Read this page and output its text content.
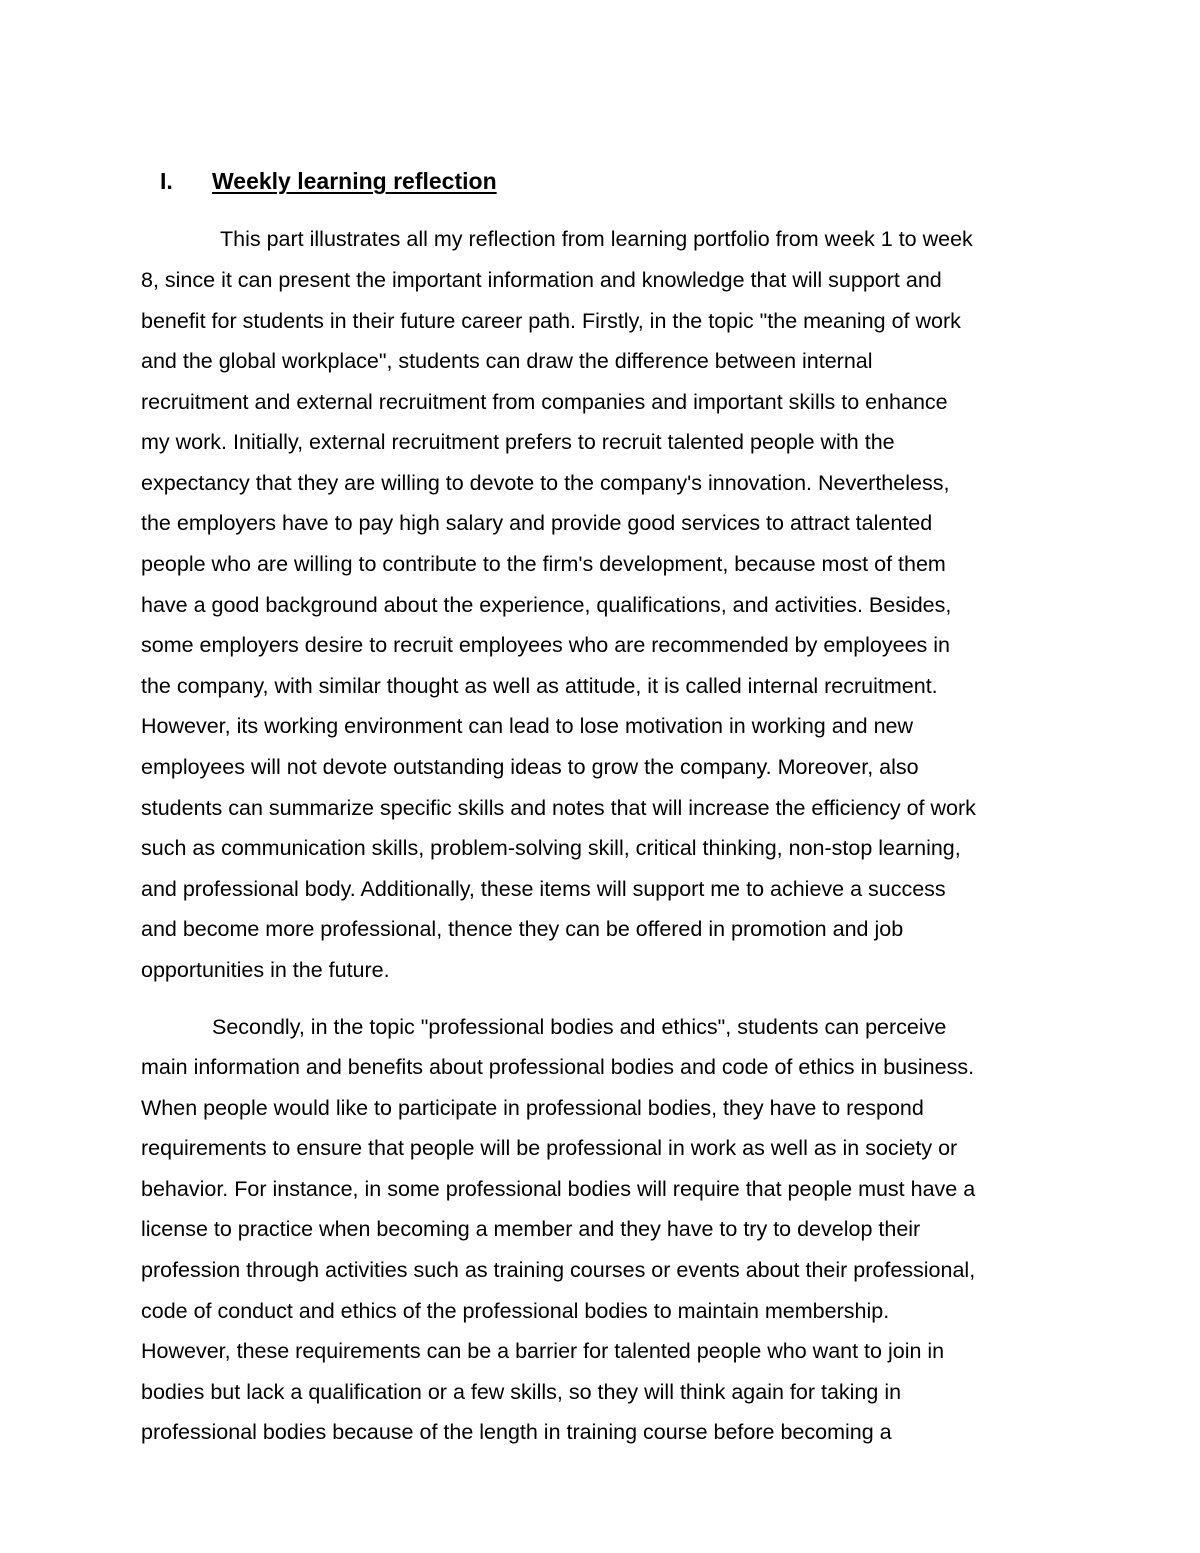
I. Weekly learning reflection
This part illustrates all my reflection from learning portfolio from week 1 to week
8, since it can present the important information and knowledge that will support and
benefit for students in their future career path. Firstly, in the topic "the meaning of work
and the global workplace", students can draw the difference between internal
recruitment and external recruitment from companies and important skills to enhance
my work. Initially, external recruitment prefers to recruit talented people with the
expectancy that they are willing to devote to the company's innovation. Nevertheless,
the employers have to pay high salary and provide good services to attract talented
people who are willing to contribute to the firm's development, because most of them
have a good background about the experience, qualifications, and activities. Besides,
some employers desire to recruit employees who are recommended by employees in
the company, with similar thought as well as attitude, it is called internal recruitment.
However, its working environment can lead to lose motivation in working and new
employees will not devote outstanding ideas to grow the company. Moreover, also
students can summarize specific skills and notes that will increase the efficiency of work
such as communication skills, problem-solving skill, critical thinking, non-stop learning,
and professional body. Additionally, these items will support me to achieve a success
and become more professional, thence they can be offered in promotion and job
opportunities in the future.
Secondly, in the topic "professional bodies and ethics", students can perceive
main information and benefits about professional bodies and code of ethics in business.
When people would like to participate in professional bodies, they have to respond
requirements to ensure that people will be professional in work as well as in society or
behavior. For instance, in some professional bodies will require that people must have a
license to practice when becoming a member and they have to try to develop their
profession through activities such as training courses or events about their professional,
code of conduct and ethics of the professional bodies to maintain membership.
However, these requirements can be a barrier for talented people who want to join in
bodies but lack a qualification or a few skills, so they will think again for taking in
professional bodies because of the length in training course before becoming a
